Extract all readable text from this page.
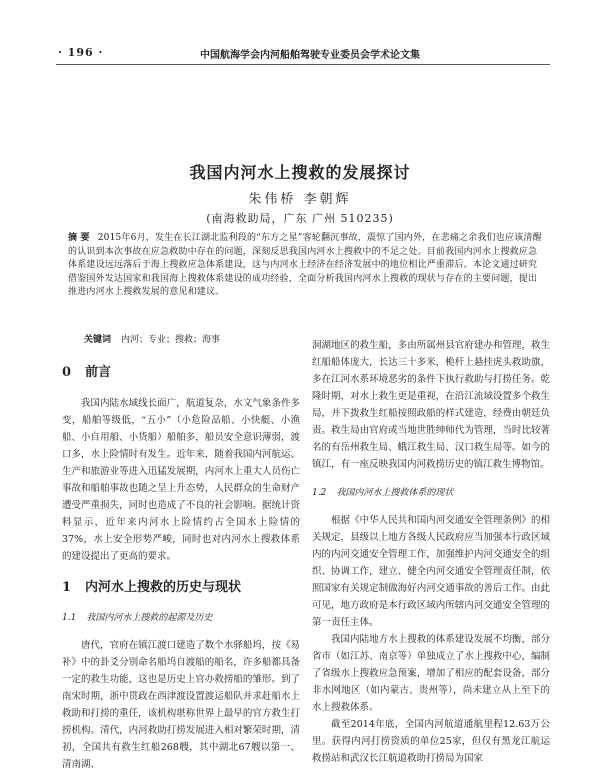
· 196 ·	中国航海学会内河船舶驾驶专业委员会学术论文集
我国内河水上搜救的发展探讨
朱伟桥 李朝辉
(南海救助局，广东 广州 510235)
摘 要 2015年6月，发生在长江湖北监利段的“东方之星”客轮翻沉事故，震惊了国内外，在悲痛之余我们也应该清醒的认识到本次事故在应急救助中存在的问题，深刻反思我国内河水上搜救中的不足之处。目前我国内河水上搜救应急体系建设远远落后于海上搜救应急体系建设，这与内河水上经济在经济发展中的地位相比严重滞后。本论文通过研究借鉴国外发达国家和我国海上搜救体系建设的成功经验，全面分析我国内河水上搜救的现状与存在的主要问题，提出推进内河水上搜救发展的意见和建议。
关键词 内河；专业；搜救；海事

0 前言

我国内陆水域线长面广，航道复杂，水文气象条件多变，船舶等级低，“五小”（小危险品船、小快艇、小渔船、小自用船、小货船）船舶多，船员安全意识薄弱，渡口多，水上险情时有发生。近年来，随着我国内河航运、生产和旅游业等进入迅猛发展期，内河水上重大人员伤亡事故和船舶事故也随之呈上升态势，人民群众的生命财产遭受严重损失，同时也造成了不良的社会影响。据统计资料显示，近年来内河水上险情约占全国水上险情的37%，水上安全形势严峻，同时也对内河水上搜救体系的建设提出了更高的要求。

1 内河水上搜救的历史与现状

1.1 我国内河水上搜救的起源及历史

唐代，官府在镇江渡口建造了数个水驿船坞，按《易补》中的卦爻分别命名船坞自渡船的船名，许多船都具备一定的救生功能，这也是历史上官办救捞船的雏形。到了南宋时期，浙中贯政在西津渡设置渡运船队并求赶船水上救助和打捞的重任，该机构堪称世界上最早的官方救生打捞机构。清代，内河救助打捞发展进入相对繁荣时期，清初，全国共有救生红船268艘，其中湖北67艘以第一、清南湖、

洞湖地区的救生船，多由所属州县官府建办和管理，救生红船船体庞大，长达三十多米，桅杆上悬挂虎头救助旗，多在江河水系环境恶劣的条件下执行救助与打捞任务。乾隆时期，对水上救生更是重视，在沿江流域设置多个救生局，并下拨救生红船按照政船的样式建造，经费由朝廷负责。救生局由官府或当地世胜绅师代为管理，当时比较著名的有岳州救生局、蛾江救生局、汉口救生局等。如今的镇江，有一座反映我国内河救捞历史的镇江救生博物馆。

1.2 我国内河水上搜救体系的现状

根据《中华人民共和国内河交通安全管理条例》的相关规定，县级以上地方各级人民政府应当加强本行政区域内的内河交通安全管理工作，加强维护内河交通安全的组织、协调工作，建立、健全内河交通安全管理责任制，依照国家有关规定制做海好内河交通事故的善后工作。由此可见，地方政府是本行政区域内所辖内河交通安全管理的第一责任主体。

我国内陆地方水上搜救的体系建设发展不均衡，部分省市（如江苏、南京等）单独成立了水上搜救中心，编制了省级水上搜救应急预案，增加了相应的配套设备，部分非水网地区（如内蒙古、贵州等），尚未建立从上至下的水上搜救体系。

截至2014年底，全国内河航道通航里程12.63万公里。获得内河打捞资质的单位25家，但仅有黑龙江航运救捞站和武汉长江航道救助打捞局为国家
